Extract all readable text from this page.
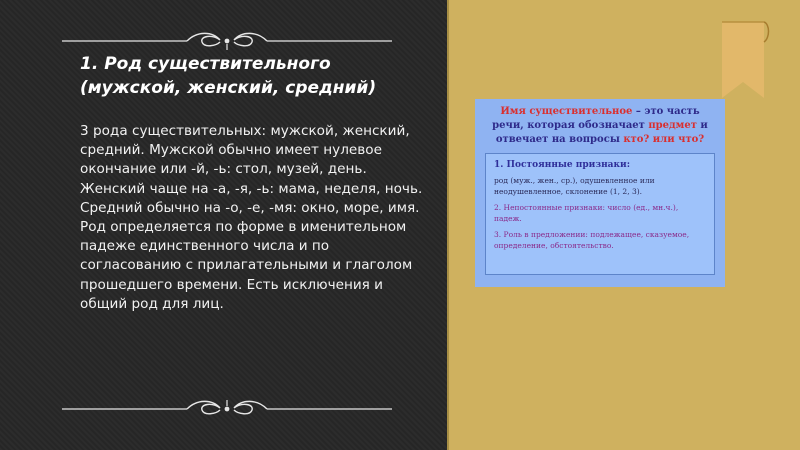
1. Род существительного
(мужской, женский, средний)
3 рода существительных: мужской, женский, средний. Мужской обычно имеет нулевое окончание или -й, -ь: стол, музей, день. Женский чаще на -а, -я, -ь: мама, неделя, ночь. Средний обычно на -о, -е, -мя: окно, море, имя. Род определяется по форме в именительном падеже единственного числа и по согласованию с прилагательными и глаголом прошедшего времени. Есть исключения и общий род для лиц.
Имя существительное – это часть речи, которая обозначает предмет и отвечает на вопросы кто? или что?
1. Постоянные признаки:

род (муж., жен., ср.), одушевленное или неодушевленное, склонение (1, 2, 3).

2. Непостоянные признаки: число (ед., мн.ч.), падеж.

3. Роль в предложении: подлежащее, сказуемое, определение, обстоятельство.
